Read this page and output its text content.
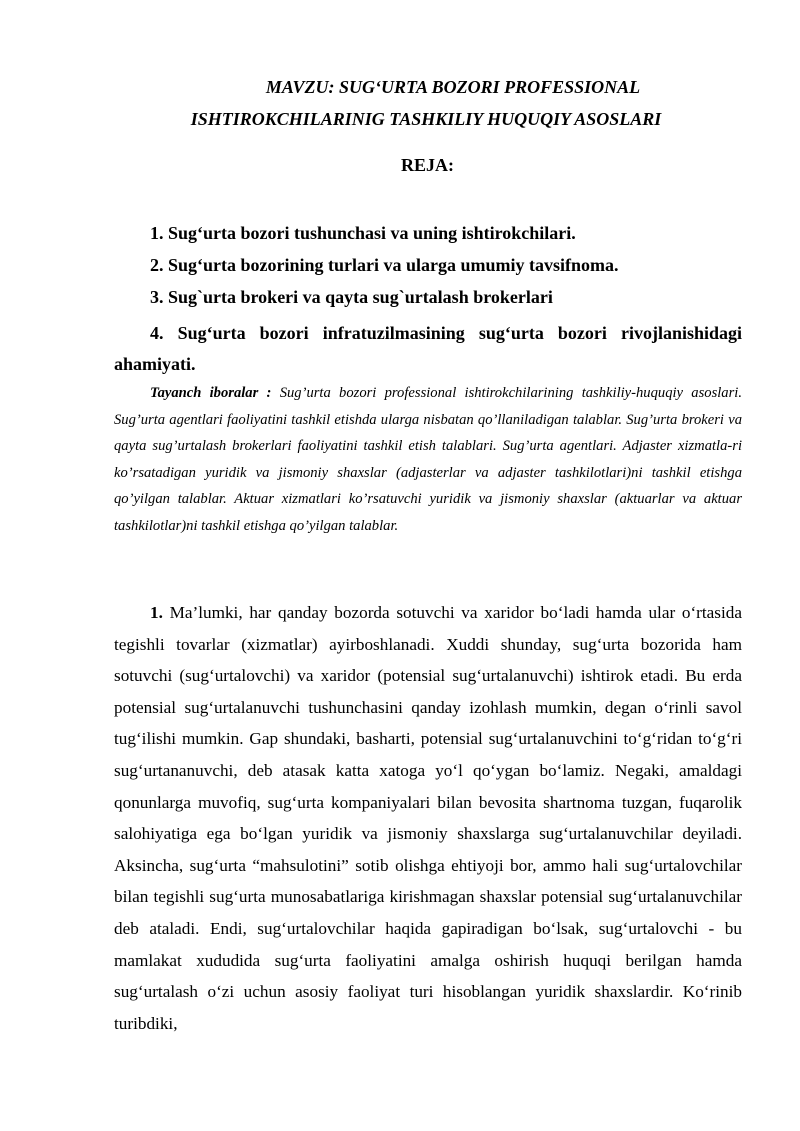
MAVZU: SUG‘URTA BOZORI PROFESSIONAL
ISHTIROKCHILARINIG TASHKILIY HUQUQIY ASOSLARI
REJA:

1. Sug‘urta bozori tushunchasi va uning ishtirokchilari.

2. Sug‘urta bozorining turlari va ularga umumiy tavsifnoma.

3. Sug`urta brokeri va qayta sug`urtalash brokerlari

4. Sug‘urta bozori infratuzilmasining sug‘urta bozori rivojlanishidagi ahamiyati.

Tayanch iboralar : Sug’urta bozori professional ishtirokchilarining tashkiliy-huquqiy asoslari. Sug’urta agentlari faoliyatini tashkil etishda ularga nisbatan qo’llaniladigan talablar. Sug’urta brokeri va qayta sug’urtalash brokerlari faoliyatini tashkil etish talablari. Sug’urta agentlari. Adjaster xizmatla-ri ko’rsatadigan yuridik va jismoniy shaxslar (adjasterlar va adjaster tashkilotlari)ni tashkil etishga qo’yilgan talablar. Aktuar xizmatlari ko’rsatuvchi yuridik va jismoniy shaxslar (aktuarlar va aktuar tashkilotlar)ni tashkil etishga qo’yilgan talablar.

1. Ma’lumki, har qanday bozorda sotuvchi va xaridor bo‘ladi hamda ular o‘rtasida tegishli tovarlar (xizmatlar) ayirboshlanadi. Xuddi shunday, sug‘urta bozorida ham sotuvchi (sug‘urtalovchi) va xaridor (potensial sug‘urtalanuvchi) ishtirok etadi. Bu erda potensial sug‘urtalanuvchi tushunchasini qanday izohlash mumkin, degan o‘rinli savol tug‘ilishi mumkin. Gap shundaki, basharti, potensial sug‘urtalanuvchini to‘g‘ridan to‘g‘ri sug‘urtananuvchi, deb atasak katta xatoga yo‘l qo‘ygan bo‘lamiz. Negaki, amaldagi qonunlarga muvofiq, sug‘urta kompaniyalari bilan bevosita shartnoma tuzgan, fuqarolik salohiyatiga ega bo‘lgan yuridik va jismoniy shaxslarga sug‘urtalanuvchilar deyiladi. Aksincha, sug‘urta “mahsulotini” sotib olishga ehtiyoji bor, ammo hali sug‘urtalovchilar bilan tegishli sug‘urta munosabatlariga kirishmagan shaxslar potensial sug‘urtalanuvchilar deb ataladi. Endi, sug‘urtalovchilar haqida gapiradigan bo‘lsak, sug‘urtalovchi - bu mamlakat xududida sug‘urta faoliyatini amalga oshirish huquqi berilgan hamda sug‘urtalash o‘zi uchun asosiy faoliyat turi hisoblangan yuridik shaxslardir. Ko‘rinib turibdiki,
